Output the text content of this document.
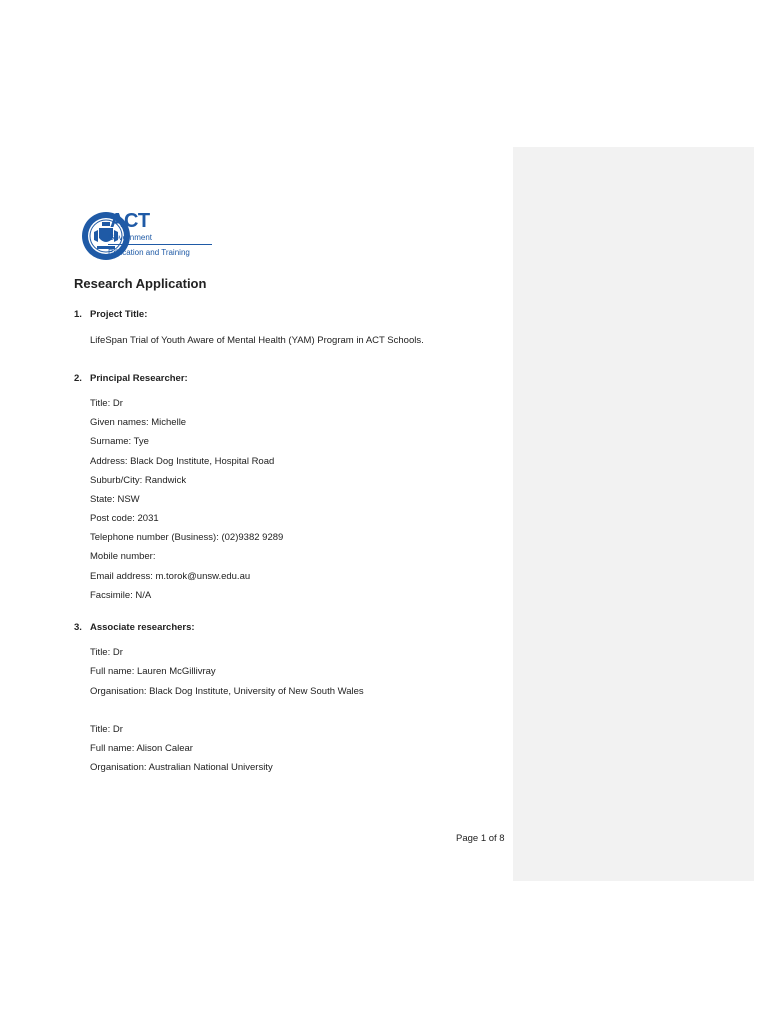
ACT
Government
Education and Training
Research Application
1. Project Title:
LifeSpan Trial of Youth Aware of Mental Health (YAM) Program in ACT Schools.
2. Principal Researcher:
Title: Dr
Given names: Michelle
Surname: Tye
Address: Black Dog Institute, Hospital Road
Suburb/City: Randwick
State: NSW
Post code: 2031
Telephone number (Business): (02)9382 9289
Mobile number:
Email address: m.torok@unsw.edu.au
Facsimile: N/A
3. Associate researchers:
Title: Dr
Full name: Lauren McGillivray
Organisation: Black Dog Institute, University of New South Wales
Title: Dr
Full name: Alison Calear
Organisation: Australian National University
Page 1 of 8
